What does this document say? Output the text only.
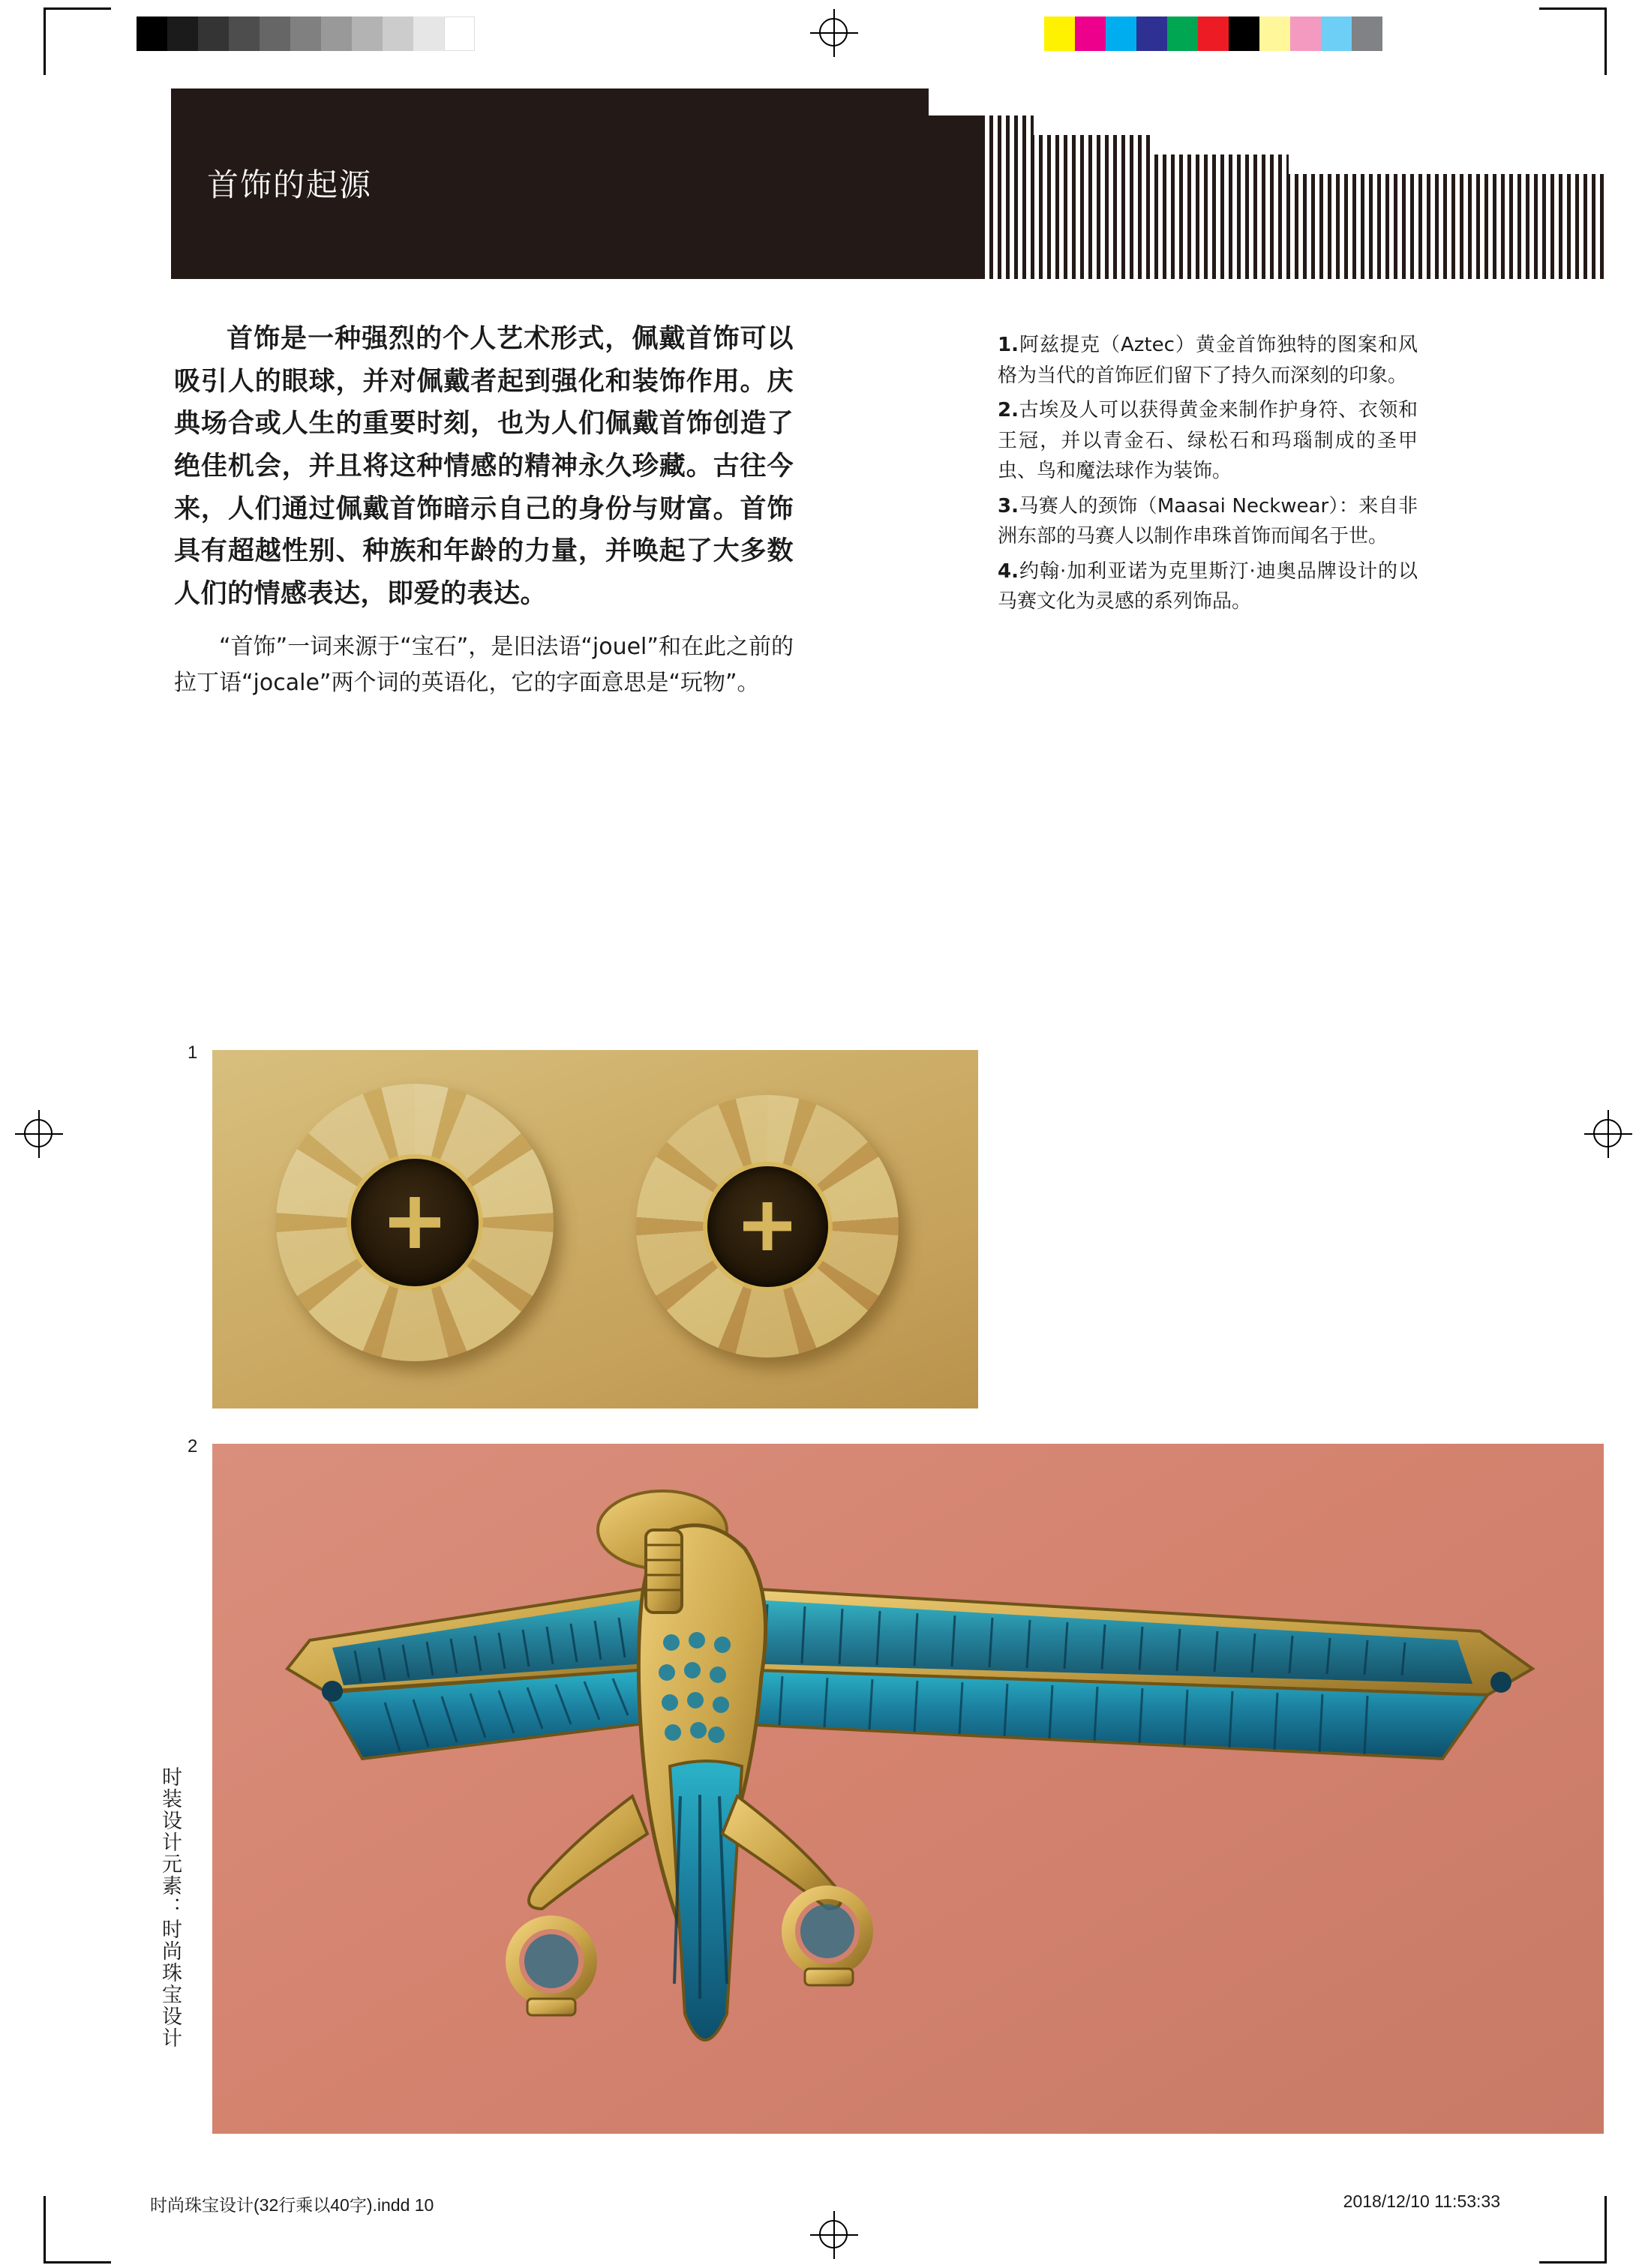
首饰的起源

首饰是一种强烈的个人艺术形式，佩戴首饰可以吸引人的眼球，并对佩戴者起到强化和装饰作用。庆典场合或人生的重要时刻，也为人们佩戴首饰创造了绝佳机会，并且将这种情感的精神永久珍藏。古往今来，人们通过佩戴首饰暗示自己的身份与财富。首饰具有超越性别、种族和年龄的力量，并唤起了大多数人们的情感表达，即爱的表达。

“首饰”一词来源于“宝石”，是旧法语“jouel”和在此之前的拉丁语“jocale”两个词的英语化，它的字面意思是“玩物”。

1.阿兹提克（Aztec）黄金首饰独特的图案和风格为当代的首饰匠们留下了持久而深刻的印象。

2.古埃及人可以获得黄金来制作护身符、衣领和王冠，并以青金石、绿松石和玛瑙制成的圣甲虫、鸟和魔法球作为装饰。

3.马赛人的颈饰（Maasai Neckwear）：来自非洲东部的马赛人以制作串珠首饰而闻名于世。

4.约翰·加利亚诺为克里斯汀·迪奥品牌设计的以马赛文化为灵感的系列饰品。

1
2
时装设计元素：时尚珠宝设计
时尚珠宝设计(32行乘以40字).indd 10	2018/12/10 11:53:33
